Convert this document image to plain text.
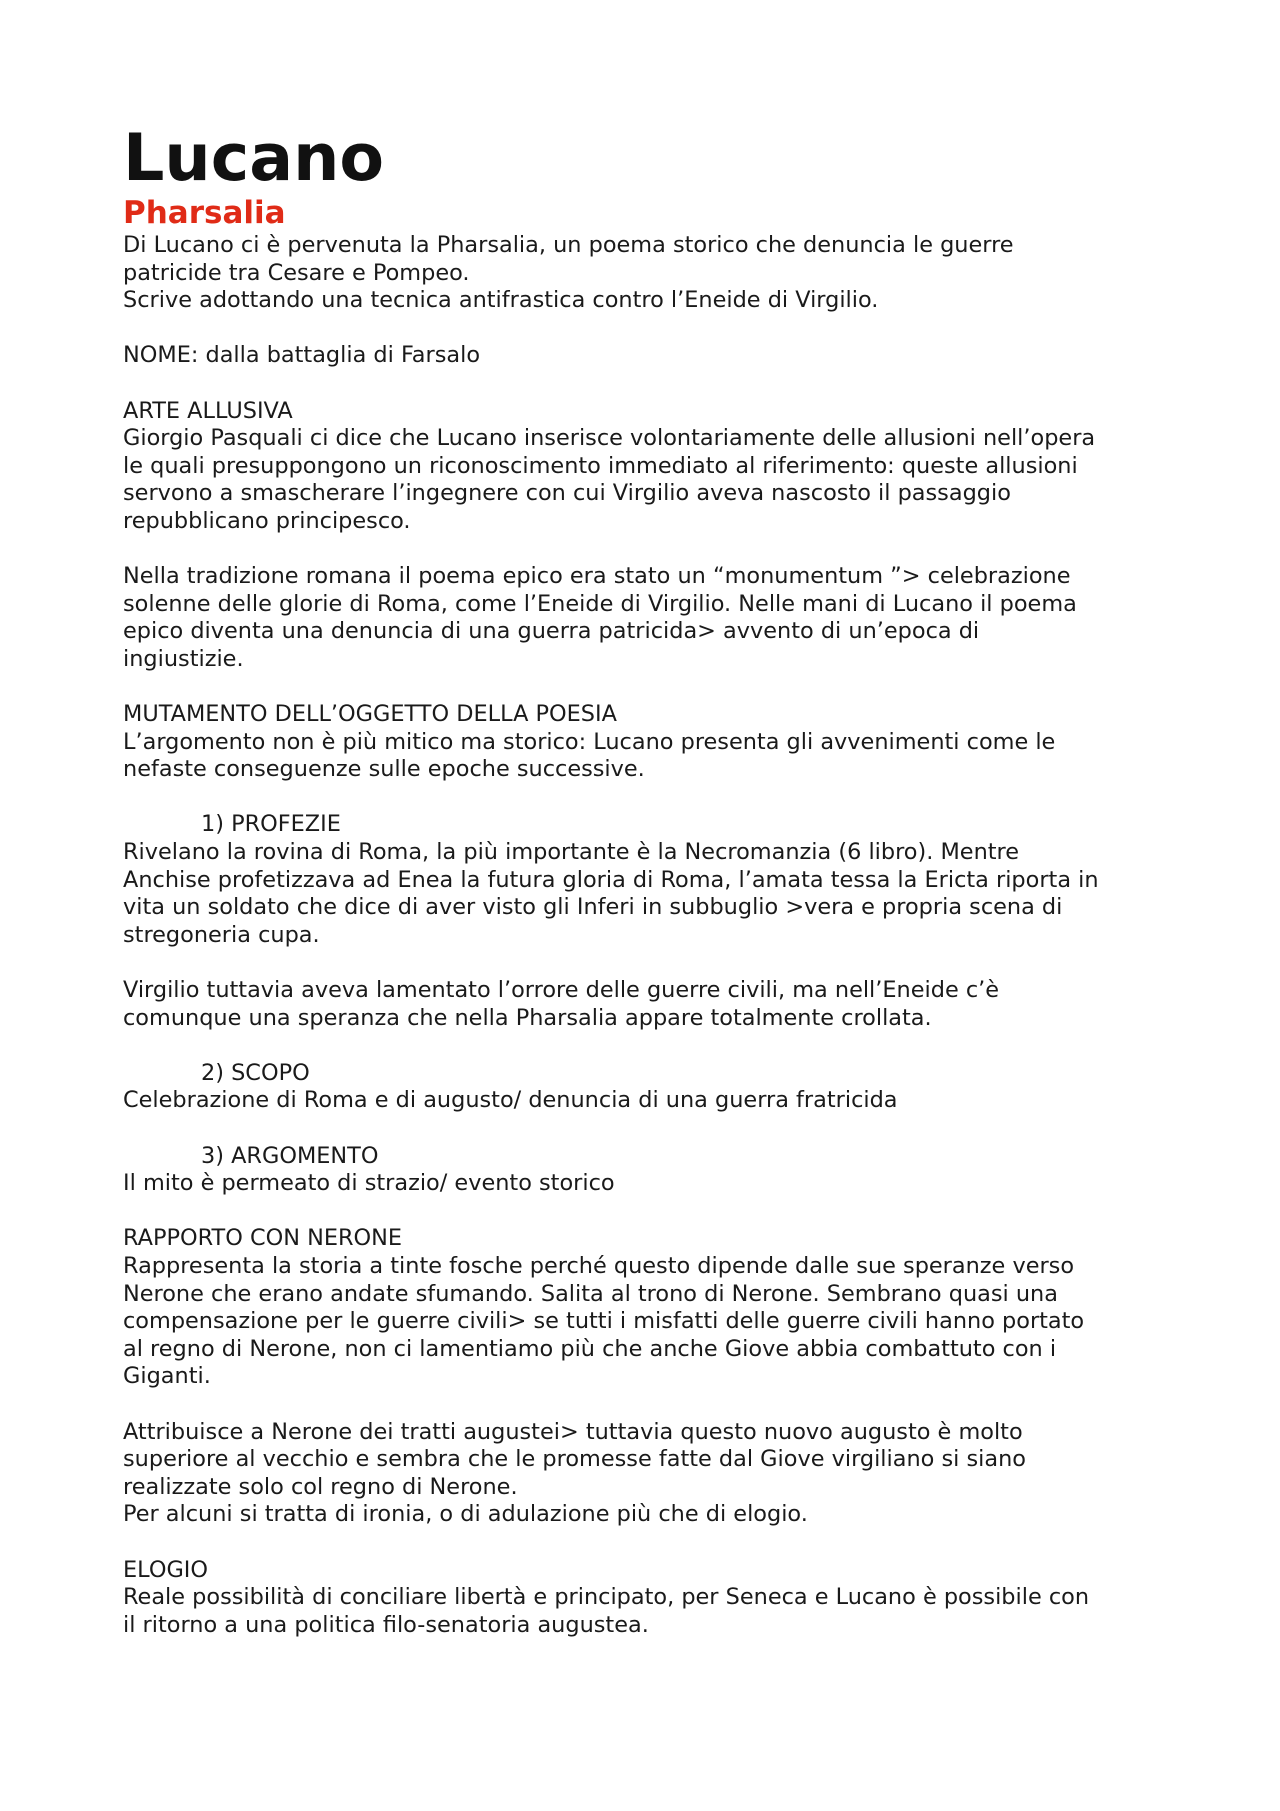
Lucano
Pharsalia

Di Lucano ci è pervenuta la Pharsalia, un poema storico che denuncia le guerre

patricide tra Cesare e Pompeo.

Scrive adottando una tecnica antifrastica contro l’Eneide di Virgilio.

NOME: dalla battaglia di Farsalo

ARTE ALLUSIVA

Giorgio Pasquali ci dice che Lucano inserisce volontariamente delle allusioni nell’opera

le quali presuppongono un riconoscimento immediato al riferimento: queste allusioni

servono a smascherare l’ingegnere con cui Virgilio aveva nascosto il passaggio

repubblicano principesco.

Nella tradizione romana il poema epico era stato un “monumentum ”> celebrazione

solenne delle glorie di Roma, come l’Eneide di Virgilio. Nelle mani di Lucano il poema

epico diventa una denuncia di una guerra patricida> avvento di un’epoca di

ingiustizie.

MUTAMENTO DELL’OGGETTO DELLA POESIA

L’argomento non è più mitico ma storico: Lucano presenta gli avvenimenti come le

nefaste conseguenze sulle epoche successive.

1) PROFEZIE

Rivelano la rovina di Roma, la più importante è la Necromanzia (6 libro). Mentre

Anchise profetizzava ad Enea la futura gloria di Roma, l’amata tessa la Ericta riporta in

vita un soldato che dice di aver visto gli Inferi in subbuglio >vera e propria scena di

stregoneria cupa.

Virgilio tuttavia aveva lamentato l’orrore delle guerre civili, ma nell’Eneide c’è

comunque una speranza che nella Pharsalia appare totalmente crollata.

2) SCOPO

Celebrazione di Roma e di augusto/ denuncia di una guerra fratricida

3) ARGOMENTO

Il mito è permeato di strazio/ evento storico

RAPPORTO CON NERONE

Rappresenta la storia a tinte fosche perché questo dipende dalle sue speranze verso

Nerone che erano andate sfumando. Salita al trono di Nerone. Sembrano quasi una

compensazione per le guerre civili> se tutti i misfatti delle guerre civili hanno portato

al regno di Nerone, non ci lamentiamo più che anche Giove abbia combattuto con i

Giganti.

Attribuisce a Nerone dei tratti augustei> tuttavia questo nuovo augusto è molto

superiore al vecchio e sembra che le promesse fatte dal Giove virgiliano si siano

realizzate solo col regno di Nerone.

Per alcuni si tratta di ironia, o di adulazione più che di elogio.

ELOGIO

Reale possibilità di conciliare libertà e principato, per Seneca e Lucano è possibile con

il ritorno a una politica filo-senatoria augustea.
